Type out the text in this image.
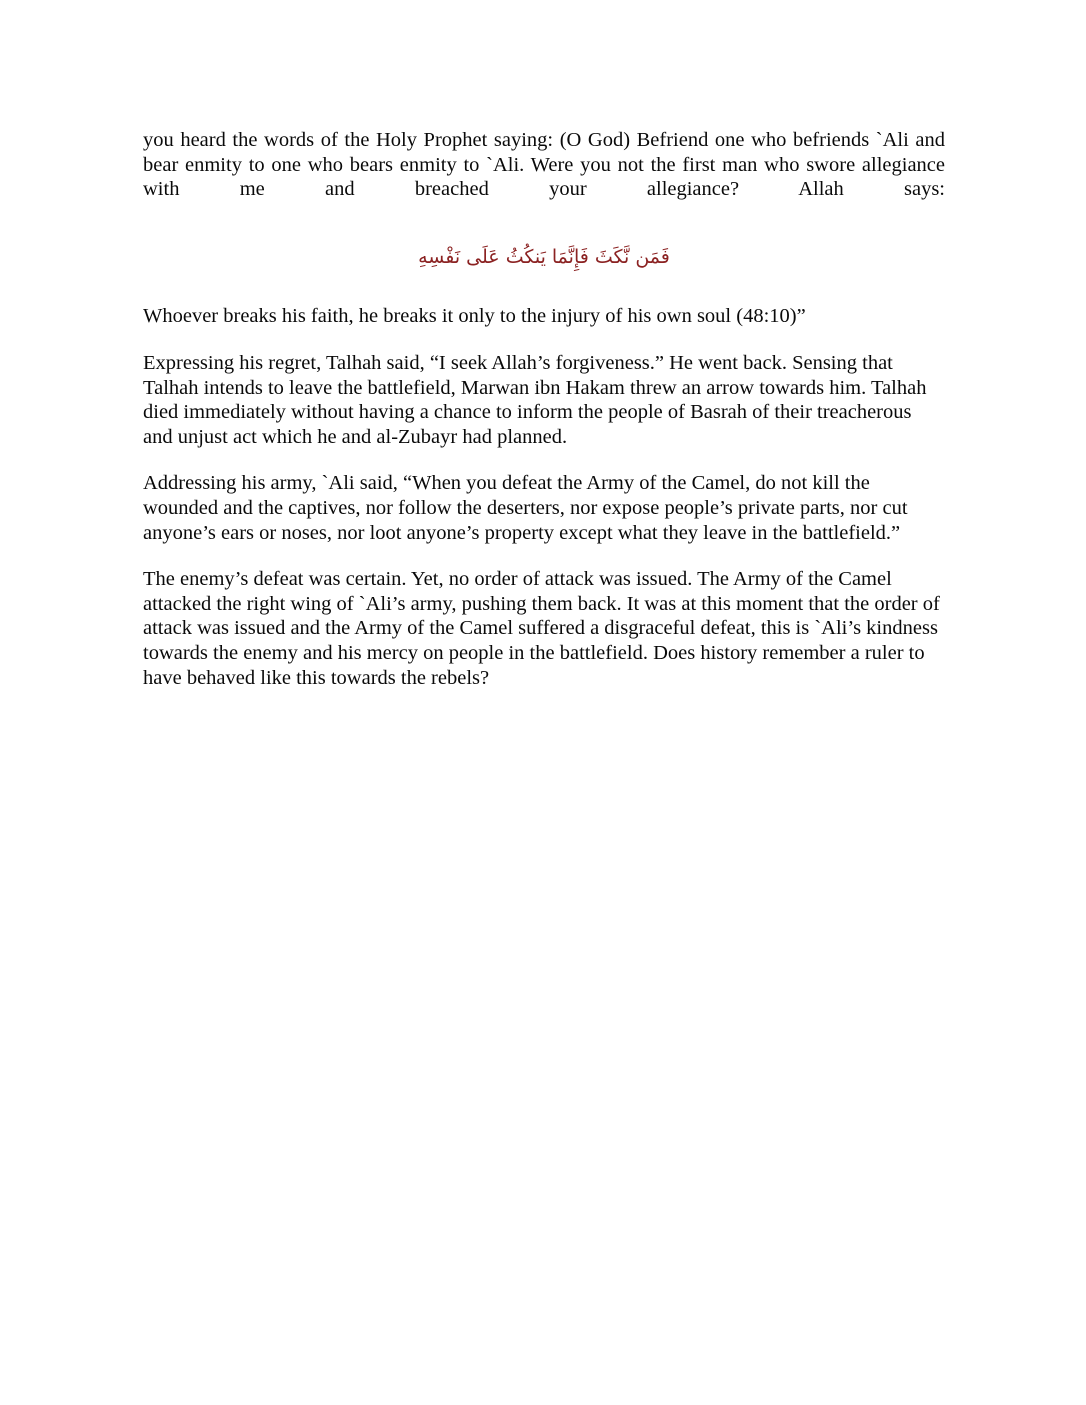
you heard the words of the Holy Prophet saying: (O God) Befriend one who befriends `Ali and bear enmity to one who bears enmity to `Ali. Were you not the first man who swore allegiance with me and breached your allegiance? Allah says:

فَمَن نَّكَثَ فَإِنَّمَا يَنكُثُ عَلَى نَفْسِهِ

Whoever breaks his faith, he breaks it only to the injury of his own soul (48:10)”

Expressing his regret, Talhah said, “I seek Allah’s forgiveness.” He went back. Sensing that Talhah intends to leave the battlefield, Marwan ibn Hakam threw an arrow towards him. Talhah died immediately without having a chance to inform the people of Basrah of their treacherous and unjust act which he and al-Zubayr had planned.

Addressing his army, `Ali said, “When you defeat the Army of the Camel, do not kill the wounded and the captives, nor follow the deserters, nor expose people’s private parts, nor cut anyone’s ears or noses, nor loot anyone’s property except what they leave in the battlefield.”

The enemy’s defeat was certain. Yet, no order of attack was issued. The Army of the Camel attacked the right wing of `Ali’s army, pushing them back. It was at this moment that the order of attack was issued and the Army of the Camel suffered a disgraceful defeat, this is `Ali’s kindness towards the enemy and his mercy on people in the battlefield. Does history remember a ruler to have behaved like this towards the rebels?
